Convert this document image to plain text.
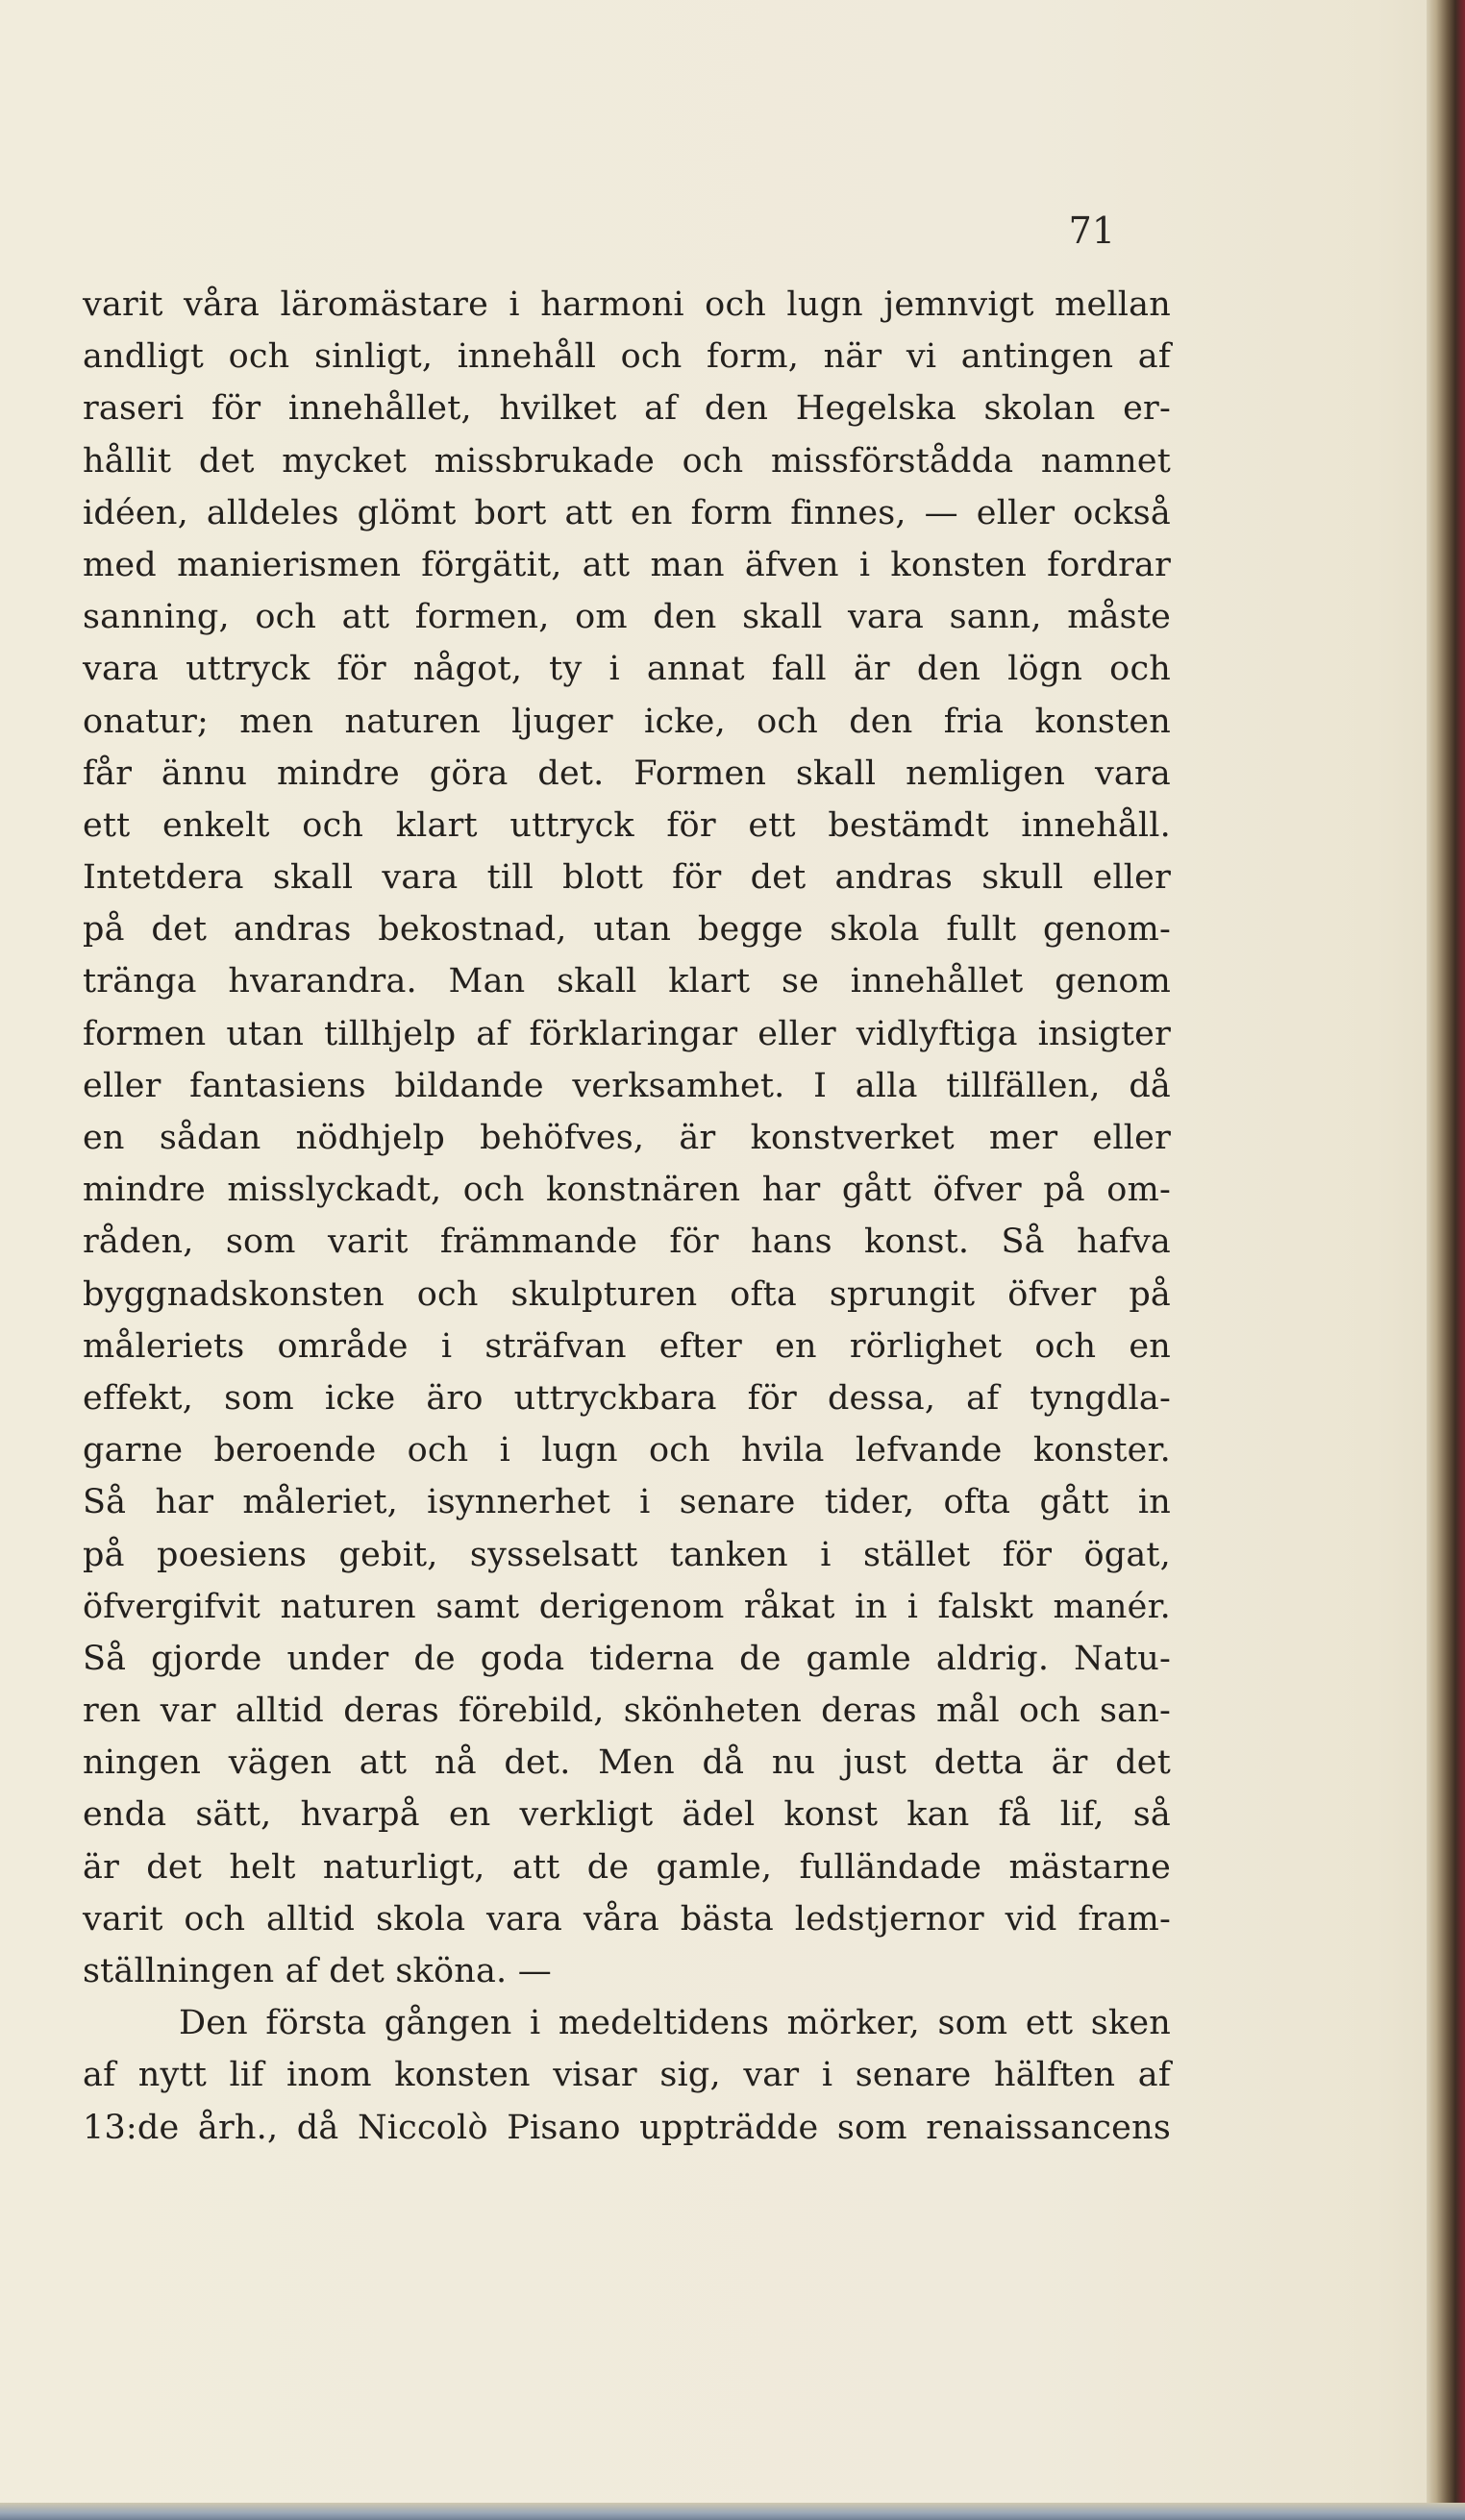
71
varit våra läromästare i harmoni och lugn jemnvigt mellan
andligt och sinligt, innehåll och form, när vi antingen af
raseri för innehållet, hvilket af den Hegelska skolan er-
hållit det mycket missbrukade och missförstådda namnet
idéen, alldeles glömt bort att en form finnes, — eller också
med manierismen förgätit, att man äfven i konsten fordrar
sanning, och att formen, om den skall vara sann, måste
vara uttryck för något, ty i annat fall är den lögn och
onatur; men naturen ljuger icke, och den fria konsten
får ännu mindre göra det. Formen skall nemligen vara
ett enkelt och klart uttryck för ett bestämdt innehåll.
Intetdera skall vara till blott för det andras skull eller
på det andras bekostnad, utan begge skola fullt genom-
tränga hvarandra. Man skall klart se innehållet genom
formen utan tillhjelp af förklaringar eller vidlyftiga insigter
eller fantasiens bildande verksamhet. I alla tillfällen, då
en sådan nödhjelp behöfves, är konstverket mer eller
mindre misslyckadt, och konstnären har gått öfver på om-
råden, som varit främmande för hans konst. Så hafva
byggnadskonsten och skulpturen ofta sprungit öfver på
måleriets område i sträfvan efter en rörlighet och en
effekt, som icke äro uttryckbara för dessa, af tyngdla-
garne beroende och i lugn och hvila lefvande konster.
Så har måleriet, isynnerhet i senare tider, ofta gått in
på poesiens gebit, sysselsatt tanken i stället för ögat,
öfvergifvit naturen samt derigenom råkat in i falskt manér.
Så gjorde under de goda tiderna de gamle aldrig. Natu-
ren var alltid deras förebild, skönheten deras mål och san-
ningen vägen att nå det. Men då nu just detta är det
enda sätt, hvarpå en verkligt ädel konst kan få lif, så
är det helt naturligt, att de gamle, fulländade mästarne
varit och alltid skola vara våra bästa ledstjernor vid fram-
ställningen af det sköna. —
Den första gången i medeltidens mörker, som ett sken
af nytt lif inom konsten visar sig, var i senare hälften af
13:de årh., då Niccolò Pisano uppträdde som renaissancens
